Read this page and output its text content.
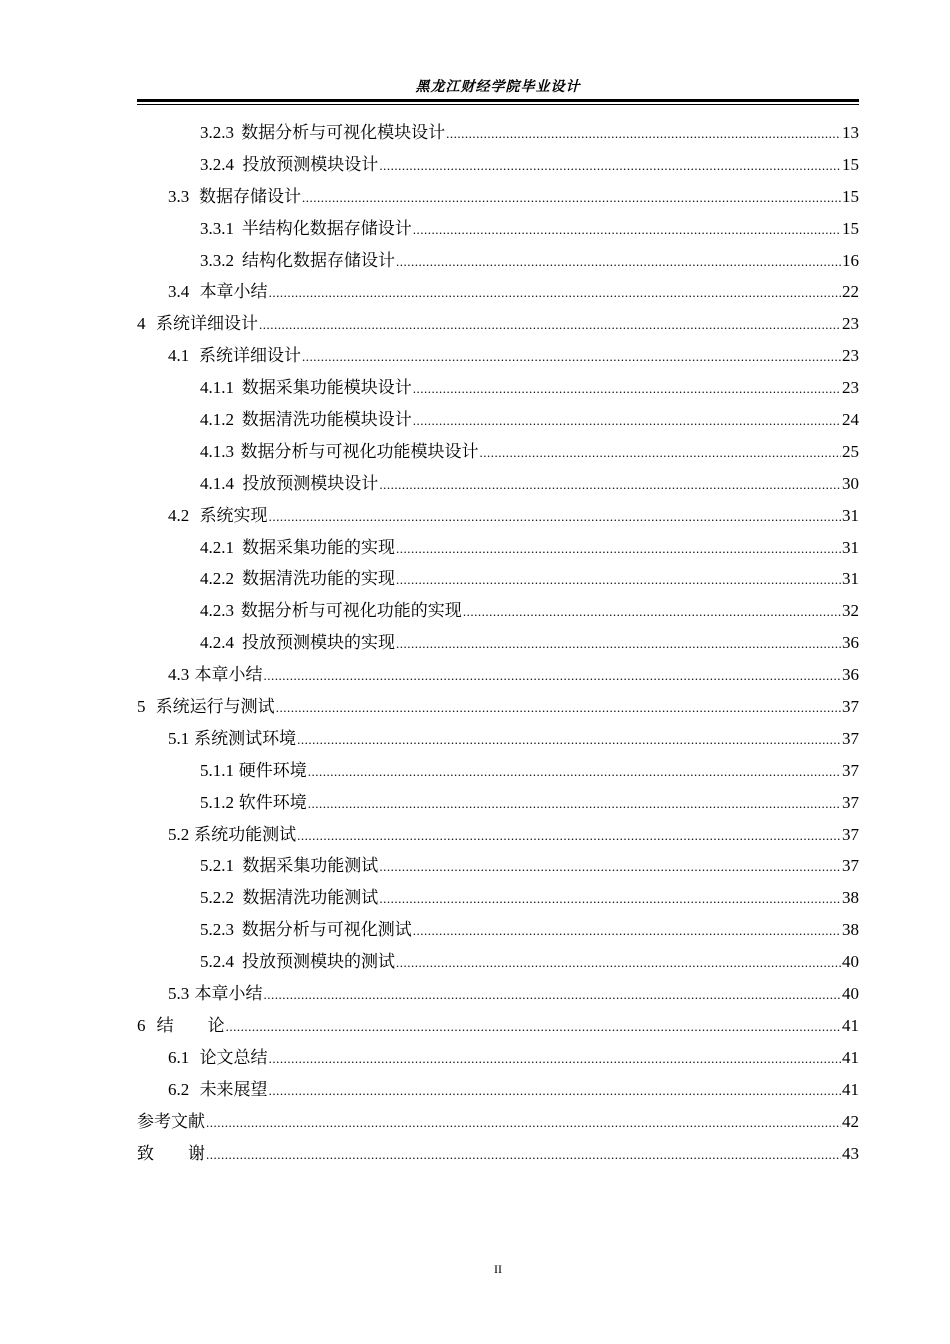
黑龙江财经学院毕业设计
3.2.3 数据分析与可视化模块设计 .....	13
3.2.4 投放预测模块设计 .....	15
3.3 数据存储设计 .....	15
3.3.1 半结构化数据存储设计 .....	15
3.3.2 结构化数据存储设计 .....	16
3.4 本章小结 .....	22
4 系统详细设计 .....	23
4.1 系统详细设计 .....	23
4.1.1 数据采集功能模块设计 .....	23
4.1.2 数据清洗功能模块设计 .....	24
4.1.3 数据分析与可视化功能模块设计 .....	25
4.1.4 投放预测模块设计 .....	30
4.2 系统实现 .....	31
4.2.1 数据采集功能的实现 .....	31
4.2.2 数据清洗功能的实现 .....	31
4.2.3 数据分析与可视化功能的实现 .....	32
4.2.4 投放预测模块的实现 .....	36
4.3 本章小结 .....	36
5 系统运行与测试 .....	37
5.1 系统测试环境 .....	37
5.1.1 硬件环境 .....	37
5.1.2 软件环境 .....	37
5.2 系统功能测试 .....	37
5.2.1 数据采集功能测试 .....	37
5.2.2 数据清洗功能测试 .....	38
5.2.3 数据分析与可视化测试 .....	38
5.2.4 投放预测模块的测试 .....	40
5.3 本章小结 .....	40
6 结　　论 .....	41
6.1 论文总结 .....	41
6.2 未来展望 .....	41
参考文献 .....	42
致　　谢 .....	43
II
